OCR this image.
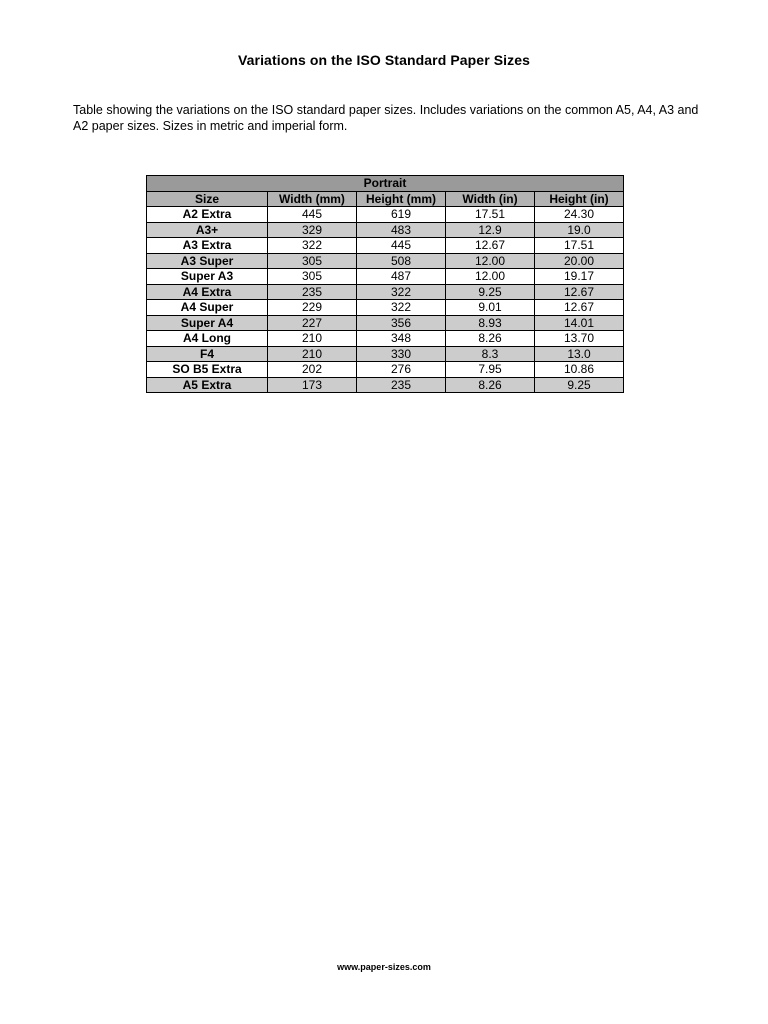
Variations on the ISO Standard Paper Sizes
Table showing the variations on the ISO standard paper sizes. Includes variations on the common A5, A4, A3 and A2 paper sizes. Sizes in metric and imperial form.
Portrait				
Size	Width (mm)	Height (mm)	Width (in)	Height (in)
A2 Extra	445	619	17.51	24.30
A3+	329	483	12.9	19.0
A3 Extra	322	445	12.67	17.51
A3 Super	305	508	12.00	20.00
Super A3	305	487	12.00	19.17
A4 Extra	235	322	9.25	12.67
A4 Super	229	322	9.01	12.67
Super A4	227	356	8.93	14.01
A4 Long	210	348	8.26	13.70
F4	210	330	8.3	13.0
SO B5 Extra	202	276	7.95	10.86
A5 Extra	173	235	8.26	9.25
www.paper-sizes.com
